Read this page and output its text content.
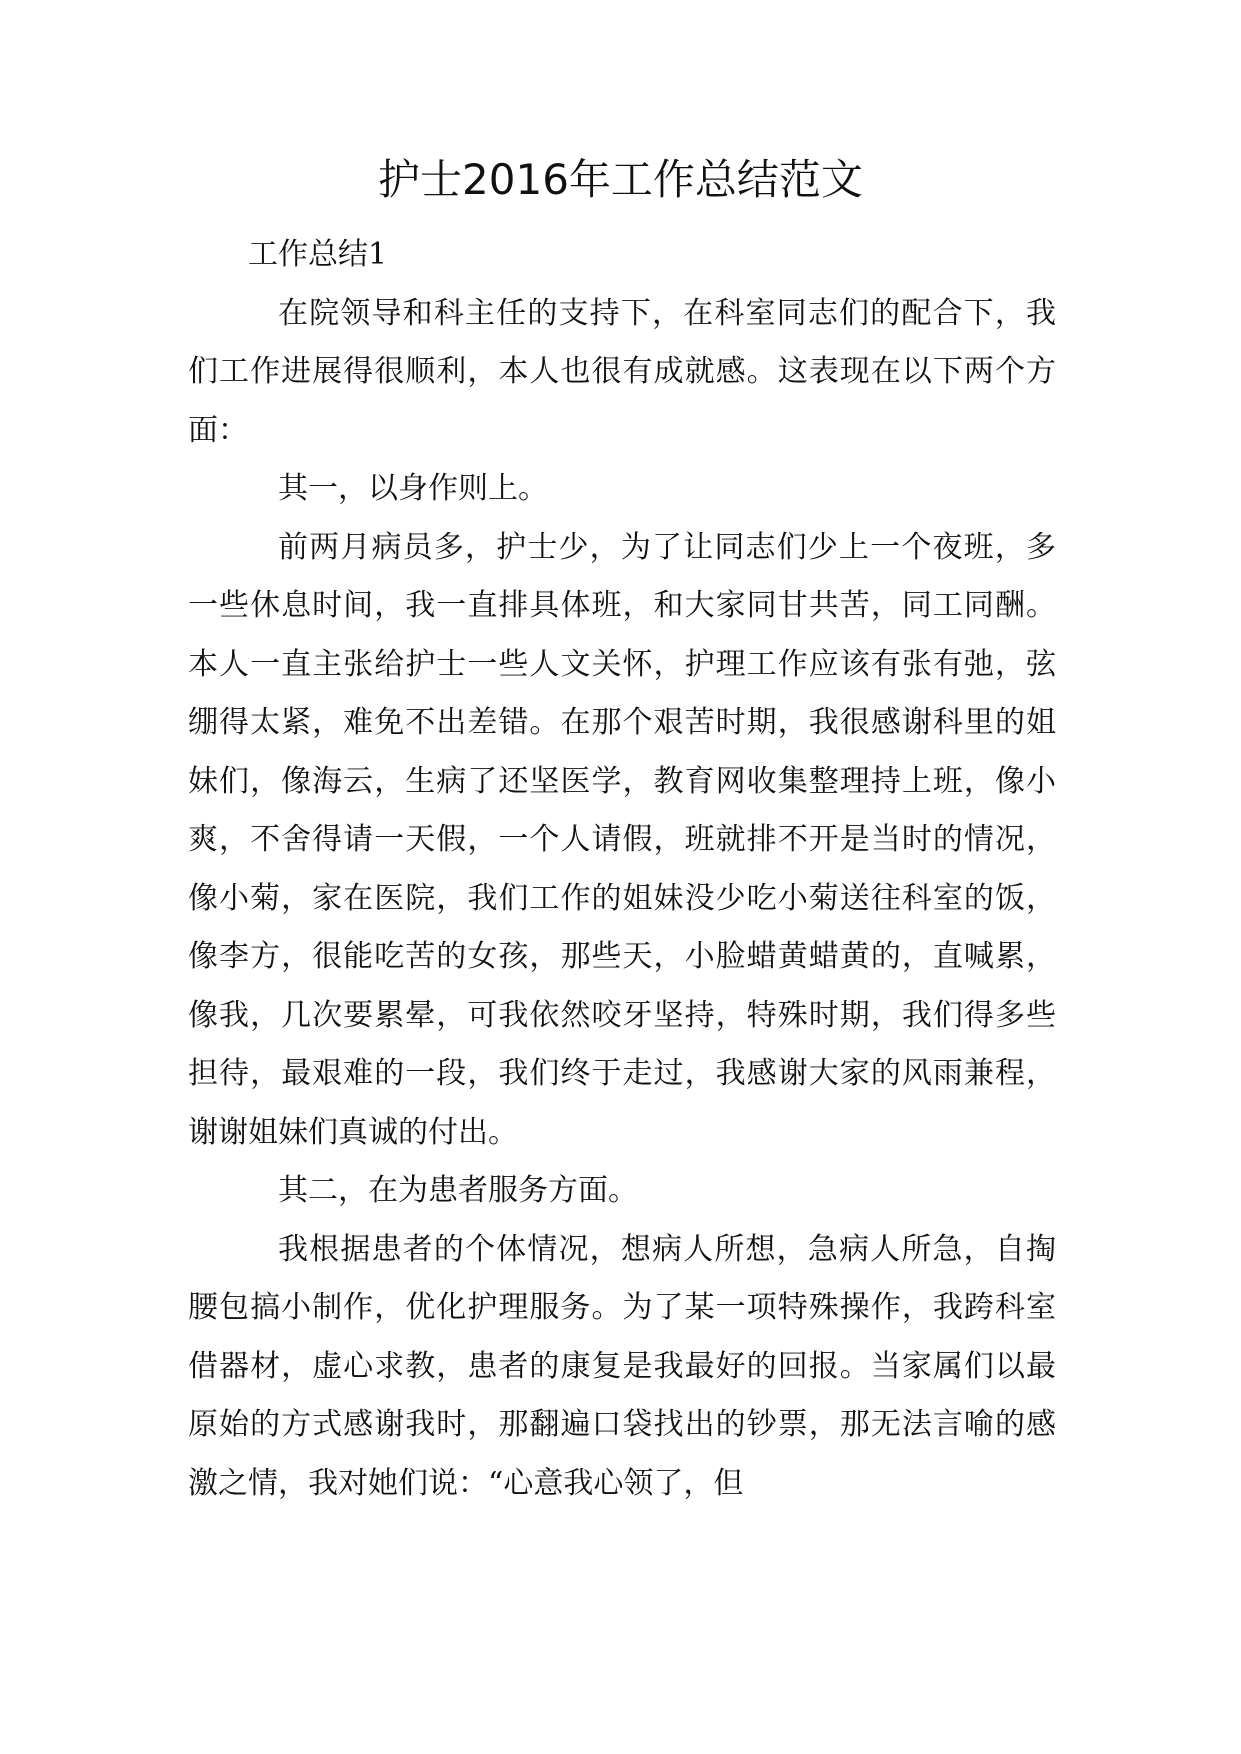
护士2016年工作总结范文

工作总结1

在院领导和科主任的支持下，在科室同志们的配合下，我们工作进展得很顺利，本人也很有成就感。这表现在以下两个方面：

其一，以身作则上。

前两月病员多，护士少，为了让同志们少上一个夜班，多一些休息时间，我一直排具体班，和大家同甘共苦，同工同酬。本人一直主张给护士一些人文关怀，护理工作应该有张有弛，弦绷得太紧，难免不出差错。在那个艰苦时期，我很感谢科里的姐妹们，像海云，生病了还坚医学，教育网收集整理持上班，像小爽，不舍得请一天假，一个人请假，班就排不开是当时的情况，像小菊，家在医院，我们工作的姐妹没少吃小菊送往科室的饭，像李方，很能吃苦的女孩，那些天，小脸蜡黄蜡黄的，直喊累，像我，几次要累晕，可我依然咬牙坚持，特殊时期，我们得多些担待，最艰难的一段，我们终于走过，我感谢大家的风雨兼程，谢谢姐妹们真诚的付出。

其二，在为患者服务方面。

我根据患者的个体情况，想病人所想，急病人所急，自掏腰包搞小制作，优化护理服务。为了某一项特殊操作，我跨科室借器材，虚心求教，患者的康复是我最好的回报。当家属们以最原始的方式感谢我时，那翻遍口袋找出的钞票，那无法言喻的感激之情，我对她们说：“心意我心领了，但
